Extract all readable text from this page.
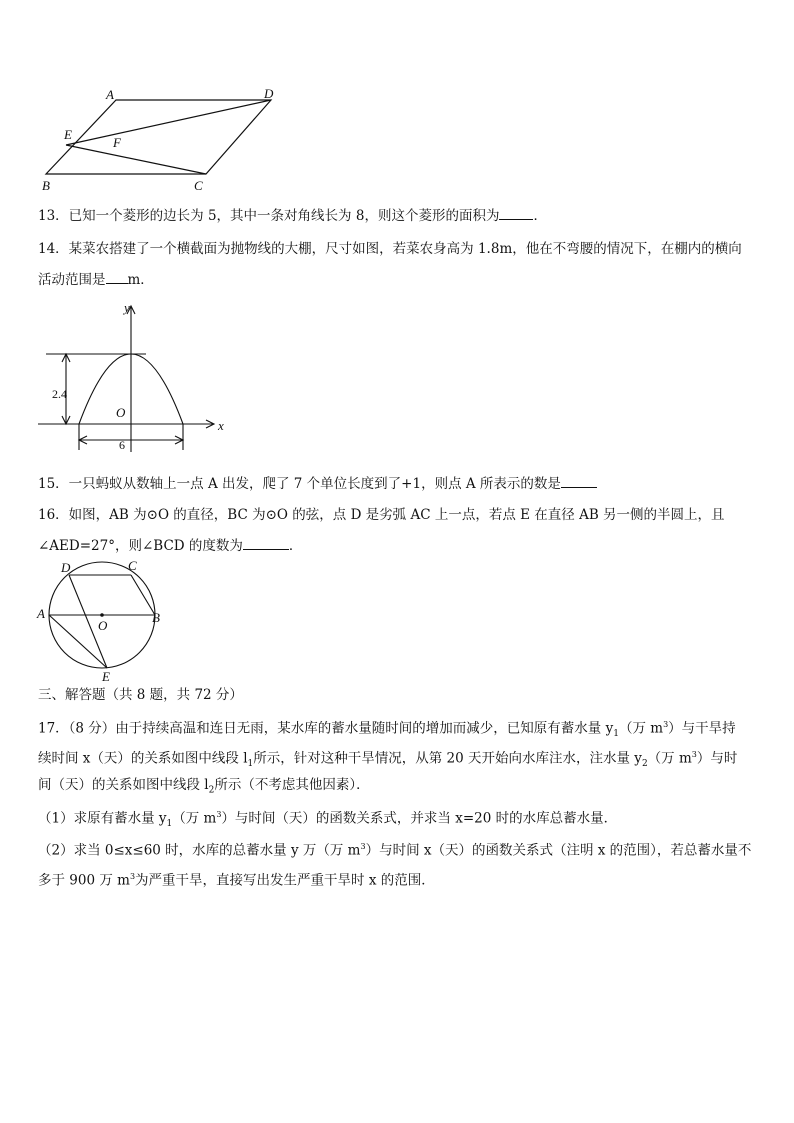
A	D
E
F
B	C
13．已知一个菱形的边长为 5，其中一条对角线长为 8，则这个菱形的面积为	．
14．某菜农搭建了一个横截面为抛物线的大棚，尺寸如图，若菜农身高为 1.8m，他在不弯腰的情况下，在棚内的横向
活动范围是 m．
y
x
O
2.4
6
15．一只蚂蚁从数轴上一点 A 出发，爬了 7 个单位长度到了+1，则点 A 所表示的数是
16．如图，AB 为⊙O 的直径，BC 为⊙O 的弦，点 D 是劣弧 AC 上一点，若点 E 在直径 AB 另一侧的半圆上，且
∠AED=27°，则∠BCD 的度数为	．
D	C
A
O
B
E
三、解答题（共 8 题，共 72 分）
17．（8 分）由于持续高温和连日无雨，某水库的蓄水量随时间的增加而减少，已知原有蓄水量 $y_1$（万 $m^3$）与干旱持
续时间 x（天）的关系如图中线段 $l_1$所示，针对这种干旱情况，从第 20 天开始向水库注水，注水量 $y_2$（万 $m^3$）与时
间（天）的关系如图中线段 $l_2$所示（不考虑其他因素）．
（1）求原有蓄水量 $y_1$（万 $m^3$）与时间（天）的函数关系式，并求当 x=20 时的水库总蓄水量．
（2）求当 0≤x≤60 时，水库的总蓄水量 y 万（万 $m^3$）与时间 x（天）的函数关系式（注明 x 的范围），若总蓄水量不
多于 900 万 $m^3$为严重干旱，直接写出发生严重干旱时 x 的范围．
